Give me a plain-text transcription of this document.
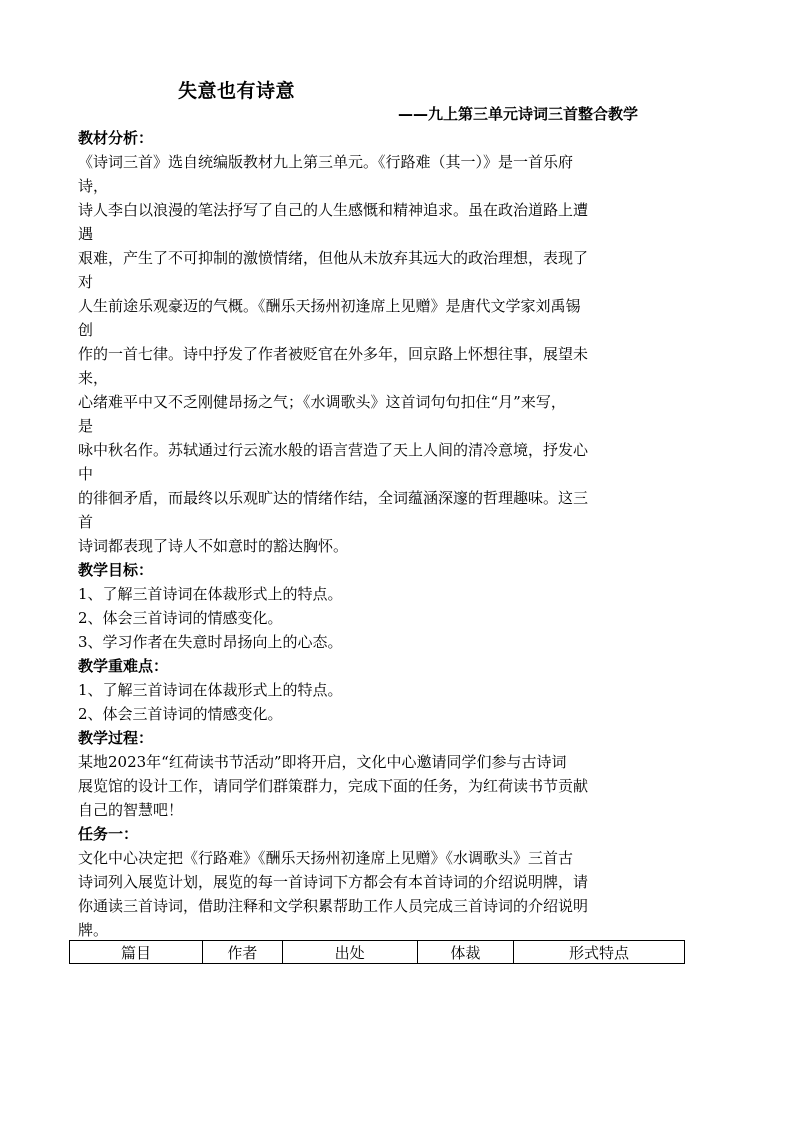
失意也有诗意
——九上第三单元诗词三首整合教学
教材分析：
《诗词三首》选自统编版教材九上第三单元。《行路难（其一）》是一首乐府
诗，
诗人李白以浪漫的笔法抒写了自己的人生感慨和精神追求。虽在政治道路上遭
遇
艰难，产生了不可抑制的激愤情绪，但他从未放弃其远大的政治理想，表现了
对
人生前途乐观豪迈的气概。《酬乐天扬州初逢席上见赠》是唐代文学家刘禹锡
创
作的一首七律。诗中抒发了作者被贬官在外多年，回京路上怀想往事，展望未
来，
心绪难平中又不乏刚健昂扬之气；《水调歌头》这首词句句扣住“月”来写，
是
咏中秋名作。苏轼通过行云流水般的语言营造了天上人间的清冷意境，抒发心
中
的徘徊矛盾，而最终以乐观旷达的情绪作结，全词蕴涵深邃的哲理趣味。这三
首
诗词都表现了诗人不如意时的豁达胸怀。
教学目标：
1、了解三首诗词在体裁形式上的特点。
2、体会三首诗词的情感变化。
3、学习作者在失意时昂扬向上的心态。
教学重难点：
1、了解三首诗词在体裁形式上的特点。
2、体会三首诗词的情感变化。
教学过程：
某地2023年“红荷读书节活动”即将开启，文化中心邀请同学们参与古诗词
展览馆的设计工作，请同学们群策群力，完成下面的任务，为红荷读书节贡献
自己的智慧吧！
任务一：
文化中心决定把《行路难》《酬乐天扬州初逢席上见赠》《水调歌头》三首古
诗词列入展览计划，展览的每一首诗词下方都会有本首诗词的介绍说明牌，请
你通读三首诗词，借助注释和文学积累帮助工作人员完成三首诗词的介绍说明
牌。
篇目	作者	出处	体裁	形式特点
